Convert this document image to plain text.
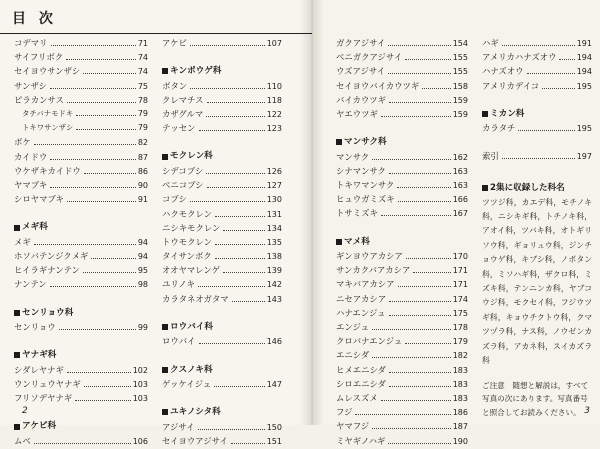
目 次
コデマリ	71
サイフリボク	74
セイヨウサンザシ	74
サンザシ	75
ピラカンサス	78
タチバナモドキ	79
トキワサンザシ	79
ボケ	82
カイドウ	87
ウケザキカイドウ	86
ヤマブキ	90
シロヤマブキ	91
メギ科
メギ	94
ホソバテンジクメギ	94
ヒイラギナンテン	95
ナンテン	98
センリョウ科
センリョウ	99
ヤナギ科
シダレヤナギ	102
ウンリュウヤナギ	103
フリソデヤナギ	103
アケビ科
ムベ	106
アケビ	107
キンポウゲ科
ボタン	110
クレマチス	118
カザグルマ	122
テッセン	123
モクレン科
シデコブシ	126
ベニコブシ	127
コブシ	130
ハクモクレン	131
ニシキモクレン	134
トウモクレン	135
タイサンボク	138
オオヤマレンゲ	139
ユリノキ	142
カラタネオガタマ	143
ロウバイ科
ロウバイ	146
クスノキ科
ゲッケイジュ	147
ユキノシタ科
アジサイ	150
セイヨウアジサイ	151
2
ガクアジサイ	154
ベニガクアジサイ	155
ウズアジサイ	155
セイヨウバイカウツギ	158
バイカウツギ	159
ヤエウツギ	159
マンサク科
マンサク	162
シナマンサク	163
トキワマンサク	163
ヒュウガミズキ	166
トサミズキ	167
マメ科
ギンヨウアカシア	170
サンカクバアカシア	171
マキバアカシア	171
ニセアカシア	174
ハナエンジュ	175
エンジュ	178
クロバナエンジュ	179
エニシダ	182
ヒメエニシダ	183
シロエニシダ	183
ムレスズメ	183
フジ	186
ヤマフジ	187
ミヤギノハギ	190
ハギ	191
アメリカハナズオウ	194
ハナズオウ	194
アメリカデイコ	195
ミカン科
カラタチ	195
索引	197
2集に収録した科名
ツツジ科，カエデ科，モチノキ科，ニシキギ科，トチノキ科，アオイ科，ツバキ科，オトギリソウ科，ギョリュウ科，ジンチョウゲ科，キブシ科，ノボタン科，ミソハギ科，ザクロ科，ミズキ科，テンニンカ科，ヤブコウジ科，モクセイ科，フジウツギ科，キョウチクトウ科，クマツヅラ科，ナス科，ノウゼンカズラ科，アカネ科，スイカズラ科
ご注意　随想と解説は，すべて写真の次にあります。写真番号と照合してお読みください。 3
